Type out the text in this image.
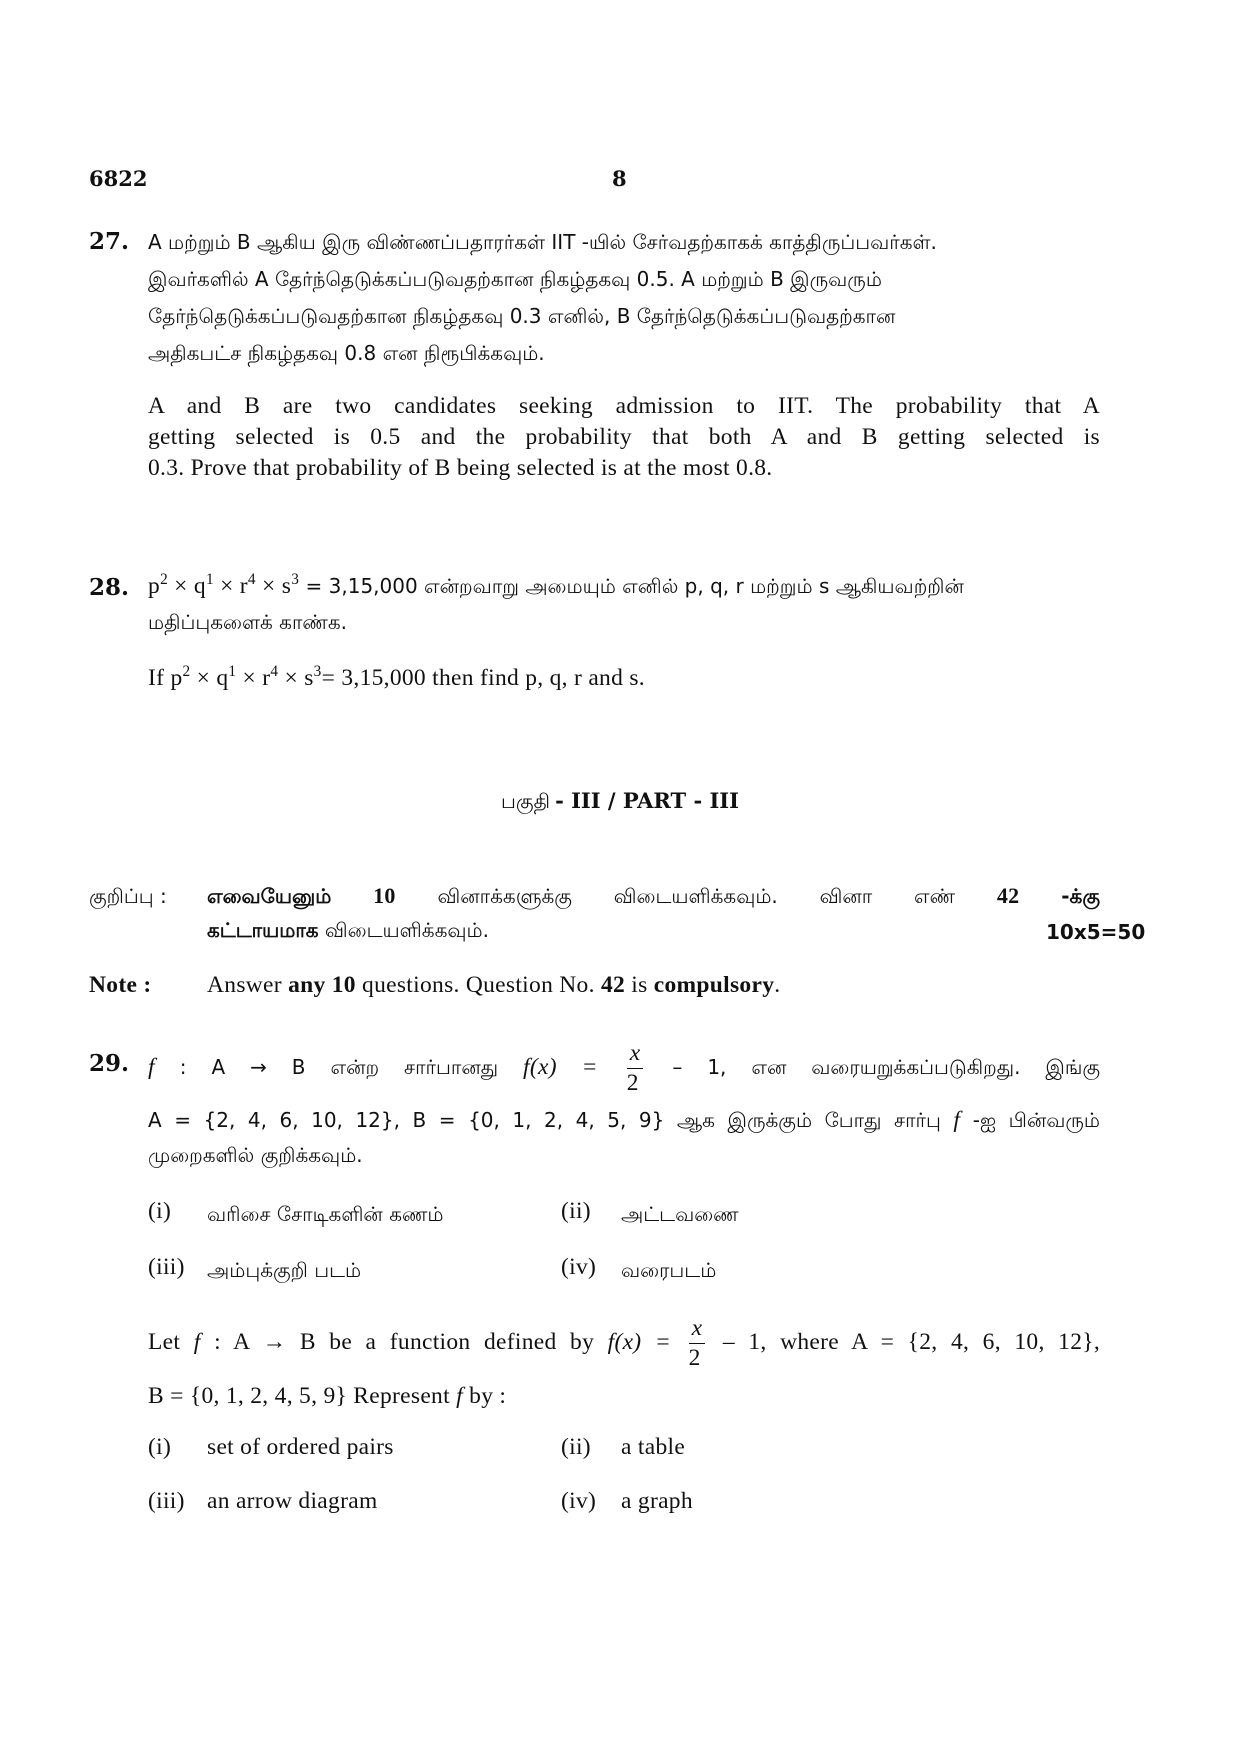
6822	8
27. A மற்றும் B ஆகிய இரு விண்ணப்பதாரர்கள் IIT -யில் சேர்வதற்காகக் காத்திருப்பவர்கள்.
இவர்களில் A தேர்ந்தெடுக்கப்படுவதற்கான நிகழ்தகவு 0.5. A மற்றும் B இருவரும்
தேர்ந்தெடுக்கப்படுவதற்கான நிகழ்தகவு 0.3 எனில், B தேர்ந்தெடுக்கப்படுவதற்கான
அதிகபட்ச நிகழ்தகவு 0.8 என நிரூபிக்கவும்.
A and B are two candidates seeking admission to IIT. The probability that A
getting selected is 0.5 and the probability that both A and B getting selected is
0.3. Prove that probability of B being selected is at the most 0.8.
28. $p^2 \times q^1 \times r^4 \times s^3 = 3,15,000$ என்றவாறு அமையும் எனில் p, q, r மற்றும் s ஆகியவற்றின்
மதிப்புகளைக் காண்க.
If $p^2 \times q^1 \times r^4 \times s^3= 3,15,000$ then find p, q, r and s.
பகுதி - III / PART - III
குறிப்பு : எவையேனும் 10 வினாக்களுக்கு விடையளிக்கவும். வினா எண் 42 -க்கு
கட்டாயமாக விடையளிக்கவும்.	10x5=50
Note : Answer any 10 questions. Question No. 42 is compulsory.
29. f : A → B என்ற சார்பானது $f(x) = \frac{x}{2} - 1$, என வரையறுக்கப்படுகிறது. இங்கு
A = {2, 4, 6, 10, 12}, B = {0, 1, 2, 4, 5, 9} ஆக இருக்கும் போது சார்பு f -ஐ பின்வரும்
முறைகளில் குறிக்கவும்.
(i) வரிசை சோடிகளின் கணம்	(ii) அட்டவணை
(iii) அம்புக்குறி படம்	(iv) வரைபடம்
Let f : A → B be a function defined by $f(x) = \frac{x}{2} - 1$, where A = {2, 4, 6, 10, 12},
B = {0, 1, 2, 4, 5, 9} Represent f by :
(i) set of ordered pairs	(ii) a table
(iii) an arrow diagram	(iv) a graph
